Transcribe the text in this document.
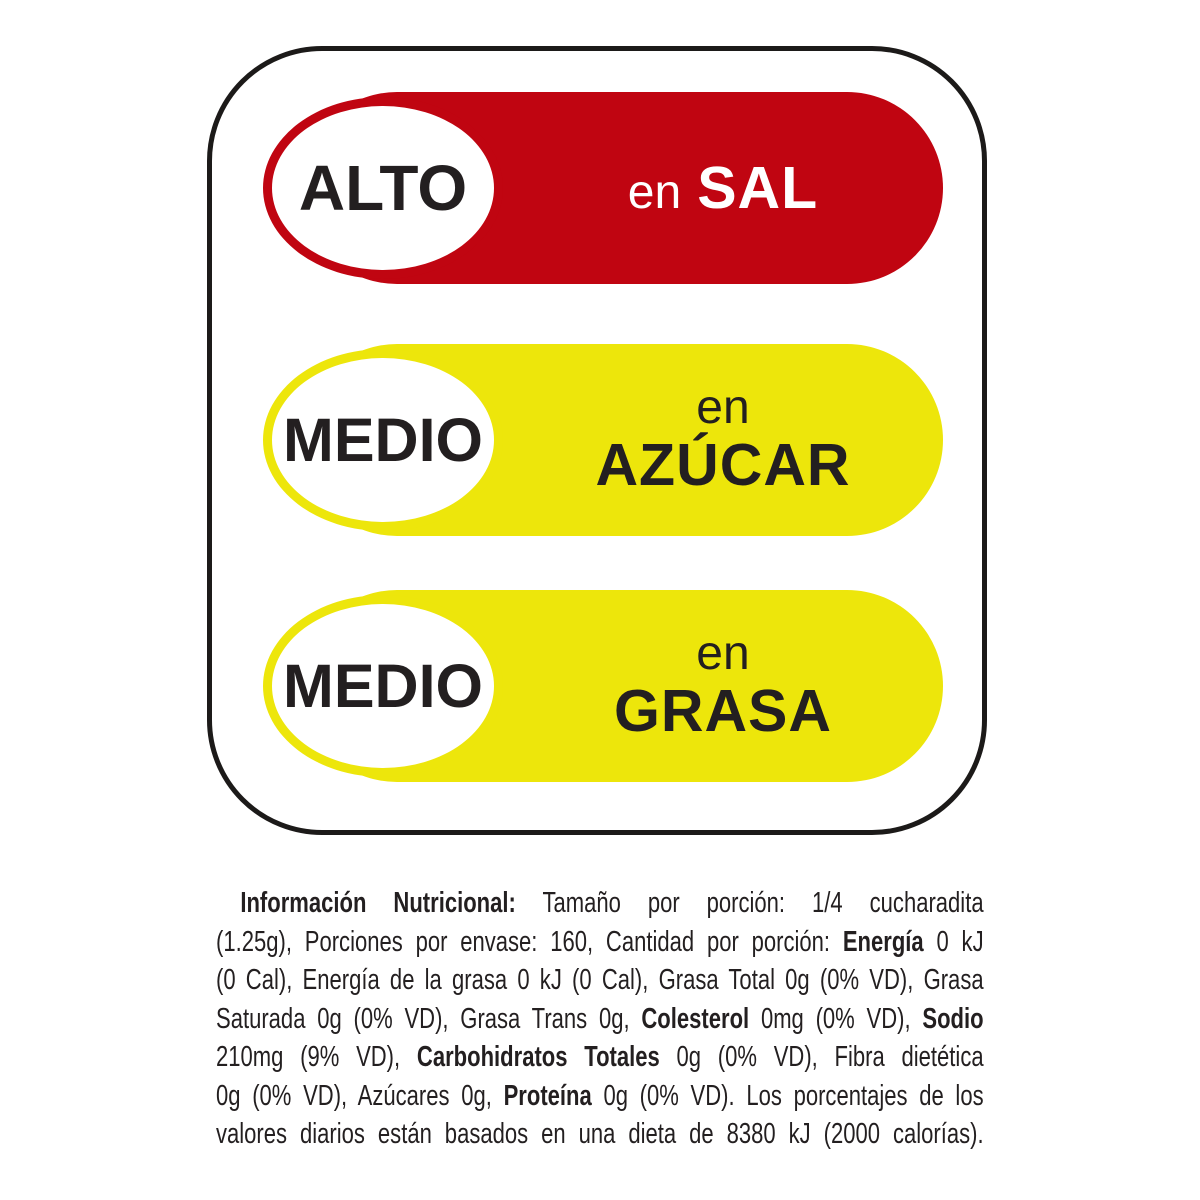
ALTO	en SAL
MEDIO	en
AZÚCAR
MEDIO	en
GRASA
Información Nutricional: Tamaño por porción: 1/4 cucharadita
(1.25g), Porciones por envase: 160, Cantidad por porción: Energía 0 kJ
(0 Cal), Energía de la grasa 0 kJ (0 Cal), Grasa Total 0g (0% VD), Grasa
Saturada 0g (0% VD), Grasa Trans 0g, Colesterol 0mg (0% VD), Sodio
210mg (9% VD), Carbohidratos Totales 0g (0% VD), Fibra dietética
0g (0% VD), Azúcares 0g, Proteína 0g (0% VD). Los porcentajes de los
valores diarios están basados en una dieta de 8380 kJ (2000 calorías).
